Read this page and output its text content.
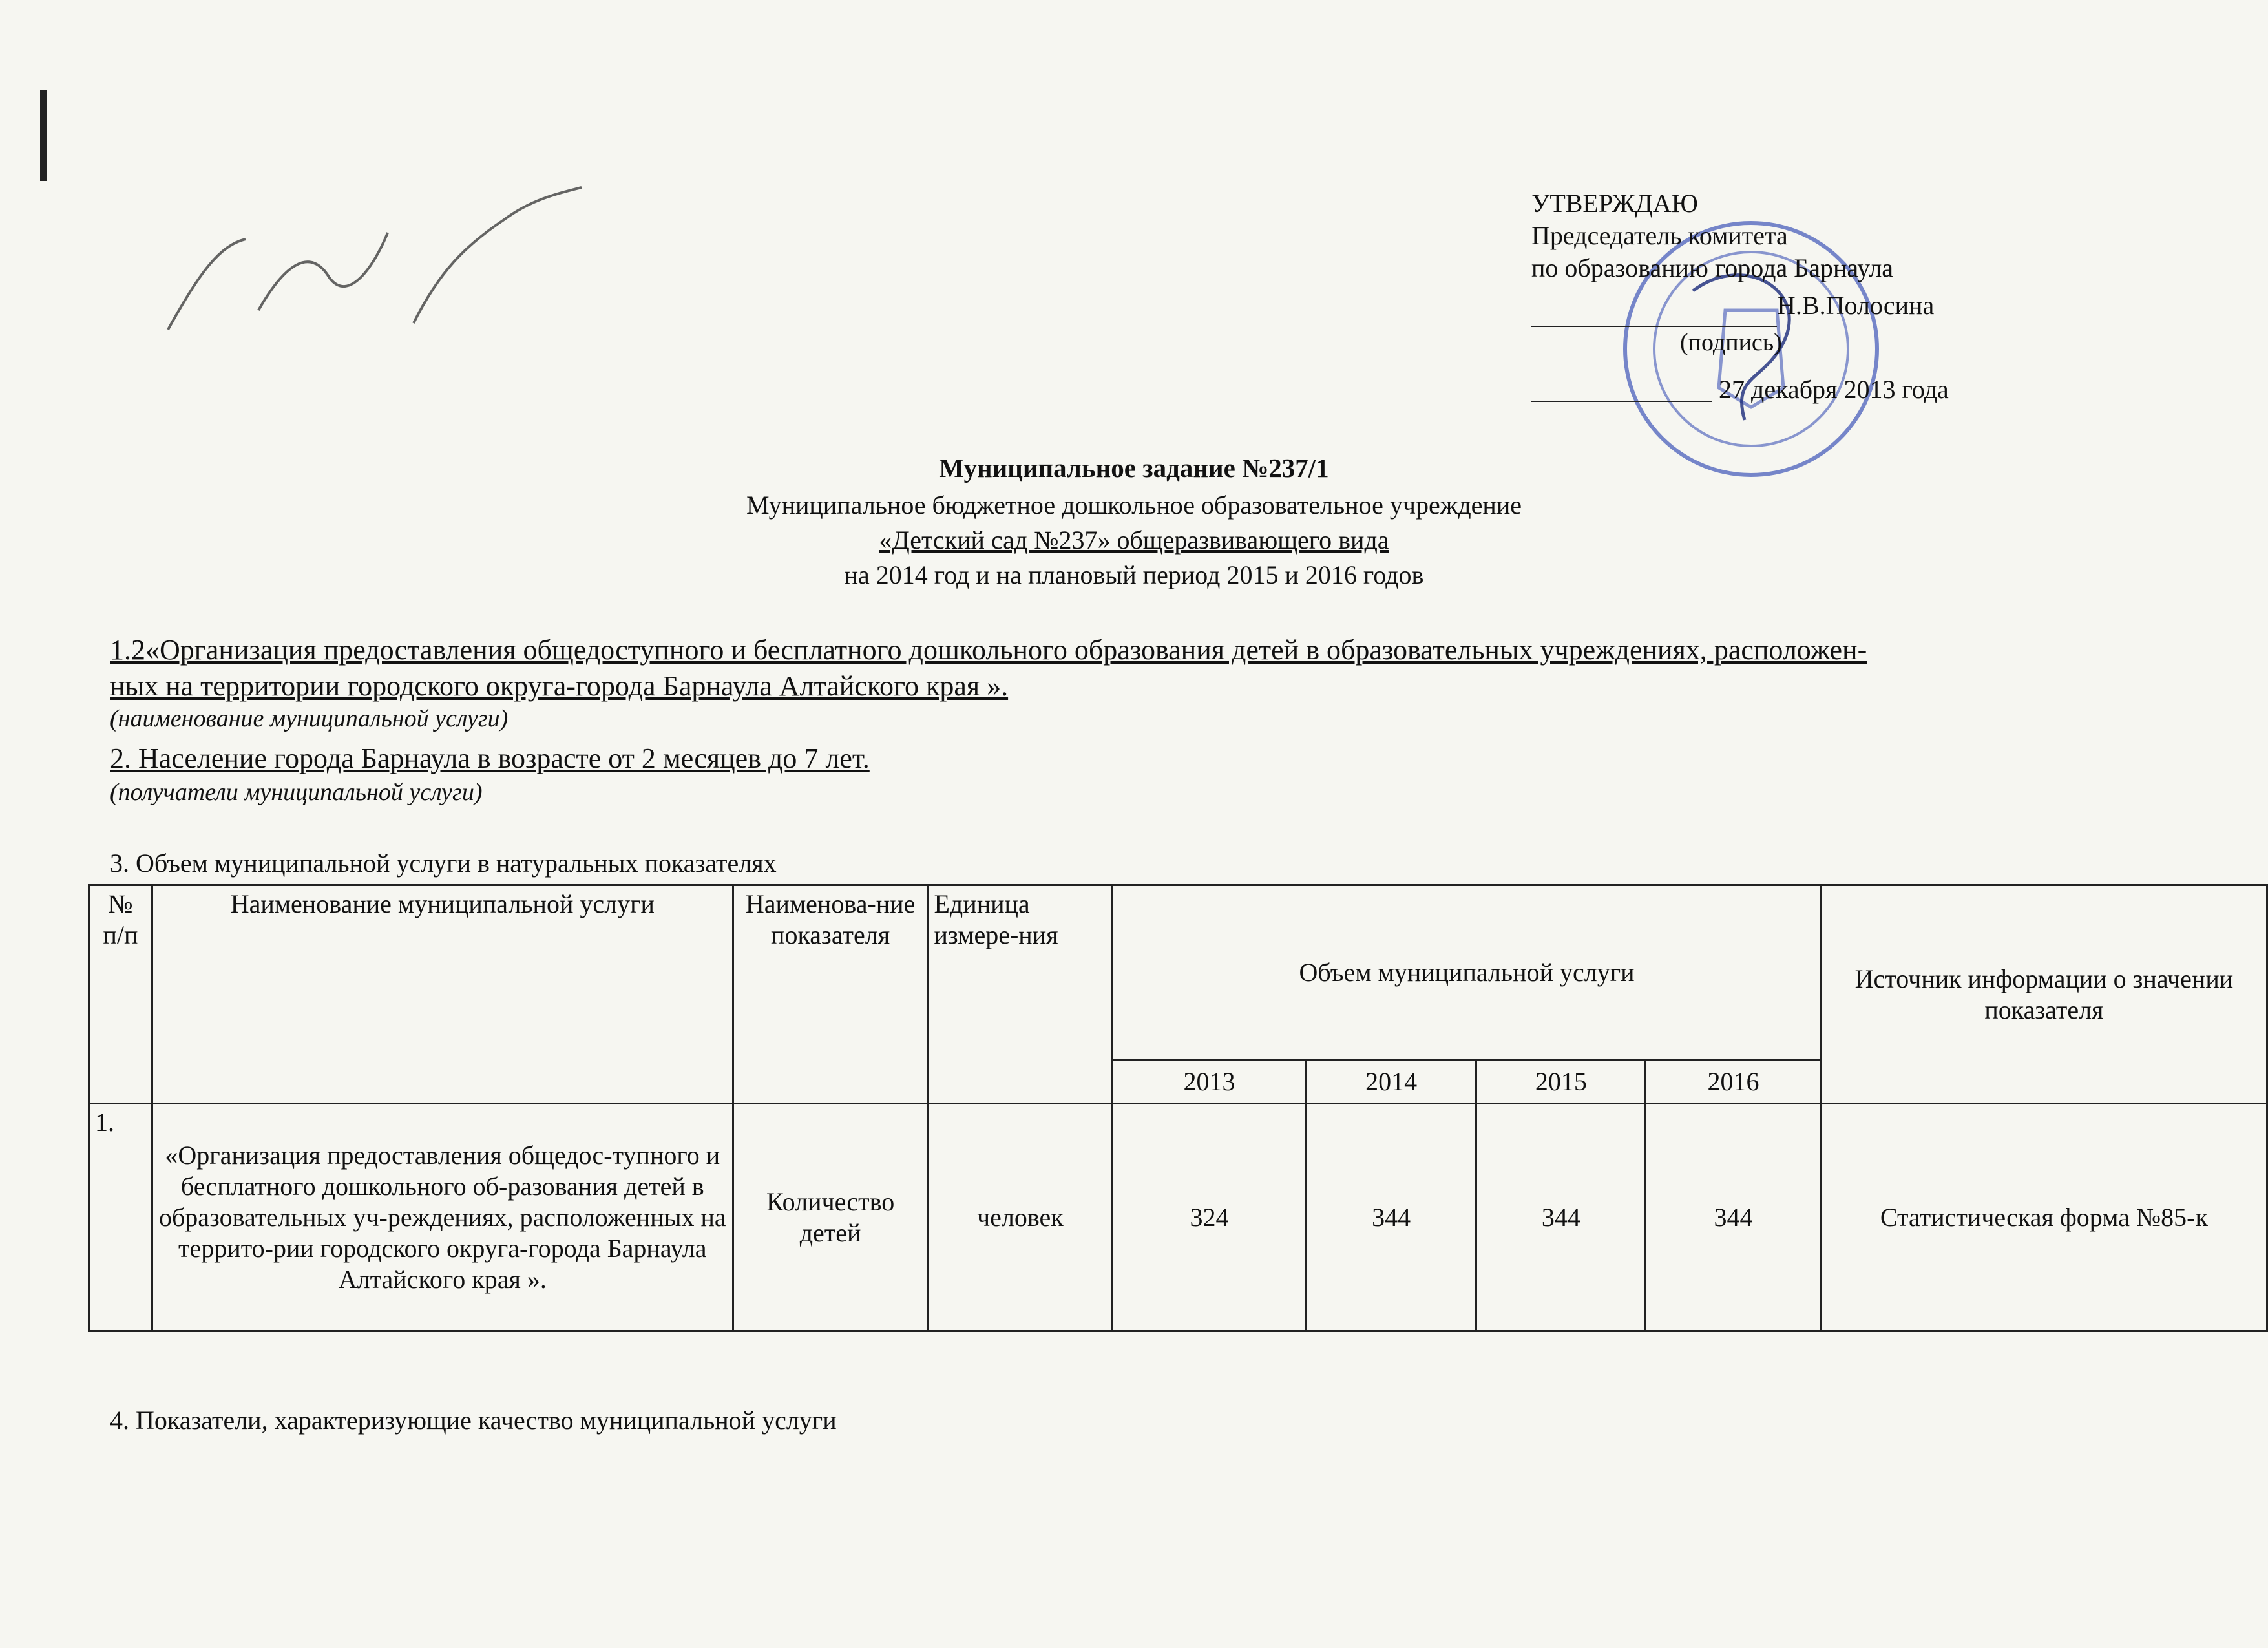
УТВЕРЖДАЮ
Председатель комитета
по образованию города Барнаула
Н.В.Полосина
(подпись)
27 декабря 2013 года
Муниципальное задание №237/1
Муниципальное бюджетное дошкольное образовательное учреждение
«Детский сад №237» общеразвивающего вида
на 2014 год и на плановый период 2015 и 2016 годов
1.2«Организация предоставления общедоступного и бесплатного дошкольного образования детей в образовательных учреждениях, расположен-
ных на территории городского округа-города Барнаула Алтайского края ».
(наименование муниципальной услуги)
2. Население города Барнаула в возрасте от 2 месяцев до 7 лет.
(получатели муниципальной услуги)
3. Объем муниципальной услуги в натуральных показателях
№ п/п	Наименование муниципальной услуги	Наименова-ние показателя	Единица измере-ния	Объем муниципальной услуги				Источник информации о значении показателя
				2013	2014	2015	2016	
1.	«Организация предоставления общедос-тупного и бесплатного дошкольного об-разования детей в образовательных уч-реждениях, расположенных на террито-рии городского округа-города Барнаула Алтайского края ».	Количество детей	человек	324	344	344	344	Статистическая форма №85-к
4. Показатели, характеризующие качество муниципальной услуги
